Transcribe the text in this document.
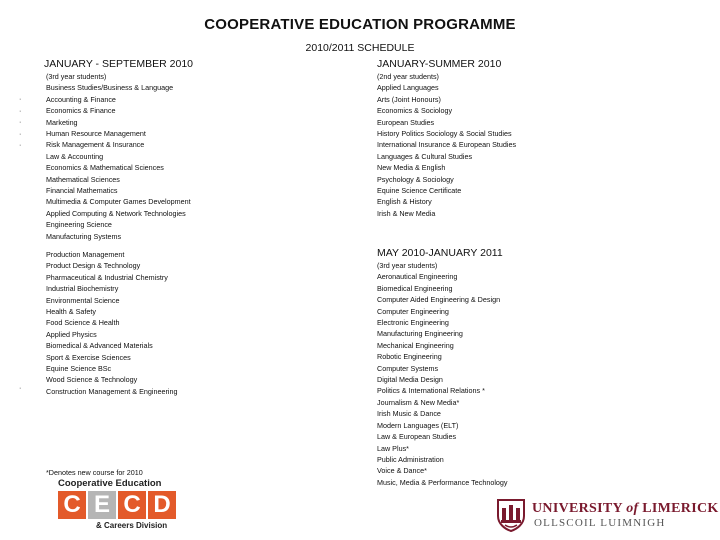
COOPERATIVE EDUCATION PROGRAMME
2010/2011 SCHEDULE
JANUARY - SEPTEMBER 2010
(3rd year students)
Business Studies/Business & Language
Accounting & Finance
Economics & Finance
Marketing
Human Resource Management
Risk Management & Insurance
Law & Accounting
Economics & Mathematical Sciences
Mathematical Sciences
Financial Mathematics
Multimedia & Computer Games Development
Applied Computing & Network Technologies
Engineering Science
Manufacturing Systems
Production Management
Product Design & Technology
Pharmaceutical & Industrial Chemistry
Industrial Biochemistry
Environmental Science
Health & Safety
Food Science & Health
Applied Physics
Biomedical & Advanced Materials
Sport & Exercise Sciences
Equine Science BSc
Wood Science & Technology
Construction Management & Engineering
·
·
·
·
·
·
*Denotes new course for 2010
JANUARY-SUMMER 2010
(2nd year students)
Applied Languages
Arts (Joint Honours)
Economics & Sociology
European Studies
History Politics Sociology & Social Studies
International Insurance & European Studies
Languages & Cultural Studies
New Media & English
Psychology & Sociology
Equine Science Certificate
English & History
Irish & New Media
MAY 2010-JANUARY 2011
(3rd year students)
Aeronautical Engineering
Biomedical Engineering
Computer Aided Engineering & Design
Computer Engineering
Electronic Engineering
Manufacturing Engineering
Mechanical Engineering
Robotic Engineering
Computer Systems
Digital Media Design
Politics & International Relations *
Journalism & New Media*
Irish Music & Dance
Modern Languages (ELT)
Law & European Studies
Law Plus*
Public Administration
Voice & Dance*
Music, Media & Performance Technology
Cooperative Education
C E C D
& Careers Division
UNIVERSITY of LIMERICK
OLLSCOIL LUIMNIGH
